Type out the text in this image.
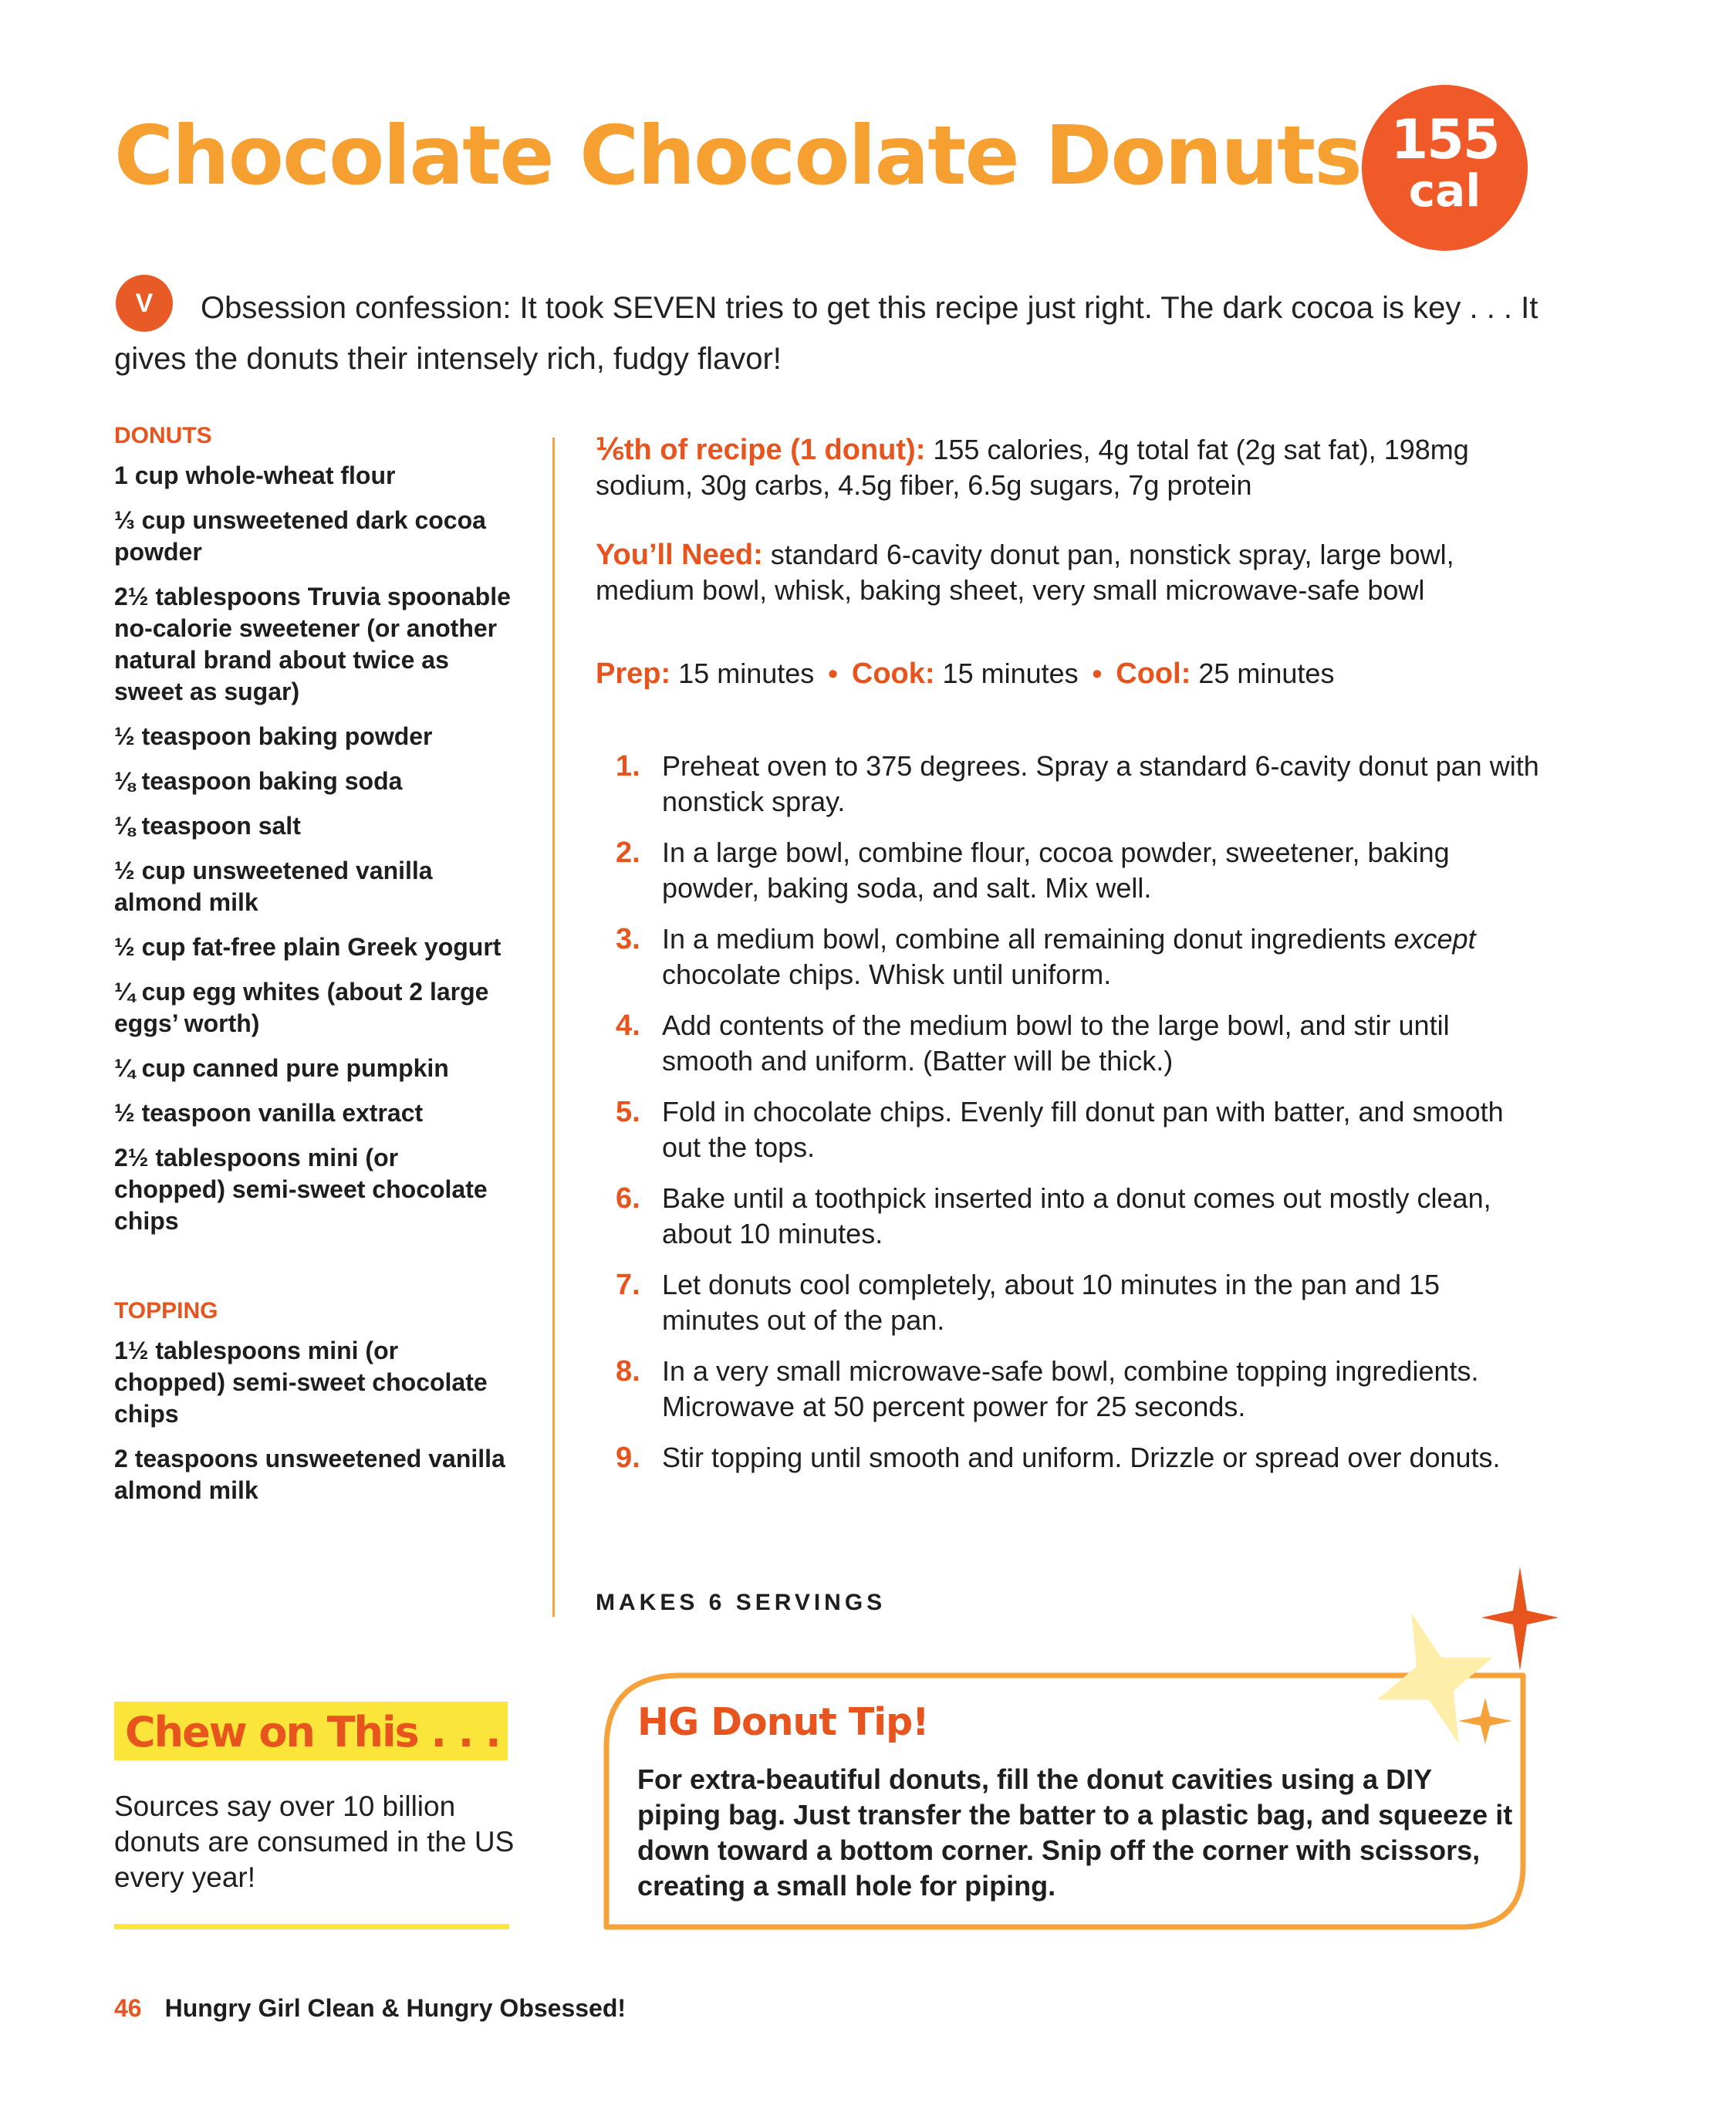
Chocolate Chocolate Donuts 155
cal
V	Obsession confession: It took SEVEN tries to get this recipe just right. The dark cocoa is key . . . It gives the donuts their intensely rich, fudgy flavor!
DONUTS
1 cup whole-wheat flour
⅓ cup unsweetened dark cocoa powder
2½ tablespoons Truvia spoonable no-calorie sweetener (or another natural brand about twice as sweet as sugar)
½ teaspoon baking powder
⅛ teaspoon baking soda
⅛ teaspoon salt
½ cup unsweetened vanilla almond milk
½ cup fat-free plain Greek yogurt
¼ cup egg whites (about 2 large eggs’ worth)
¼ cup canned pure pumpkin
½ teaspoon vanilla extract
2½ tablespoons mini (or chopped) semi-sweet chocolate chips
TOPPING
1½ tablespoons mini (or chopped) semi-sweet chocolate chips
2 teaspoons unsweetened vanilla almond milk
⅙th of recipe (1 donut): 155 calories, 4g total fat (2g sat fat), 198mg sodium, 30g carbs, 4.5g fiber, 6.5g sugars, 7g protein
You’ll Need: standard 6-cavity donut pan, nonstick spray, large bowl, medium bowl, whisk, baking sheet, very small microwave-safe bowl
Prep: 15 minutes • Cook: 15 minutes • Cool: 25 minutes
1. Preheat oven to 375 degrees. Spray a standard 6-cavity donut pan with nonstick spray.
2. In a large bowl, combine flour, cocoa powder, sweetener, baking powder, baking soda, and salt. Mix well.
3. In a medium bowl, combine all remaining donut ingredients except chocolate chips. Whisk until uniform.
4. Add contents of the medium bowl to the large bowl, and stir until smooth and uniform. (Batter will be thick.)
5. Fold in chocolate chips. Evenly fill donut pan with batter, and smooth out the tops.
6. Bake until a toothpick inserted into a donut comes out mostly clean, about 10 minutes.
7. Let donuts cool completely, about 10 minutes in the pan and 15 minutes out of the pan.
8. In a very small microwave-safe bowl, combine topping ingredients. Microwave at 50 percent power for 25 seconds.
9. Stir topping until smooth and uniform. Drizzle or spread over donuts.
MAKES 6 SERVINGS
Chew on This . . .
Sources say over 10 billion donuts are consumed in the US every year!
HG Donut Tip!
For extra-beautiful donuts, fill the donut cavities using a DIY piping bag. Just transfer the batter to a plastic bag, and squeeze it down toward a bottom corner. Snip off the corner with scissors, creating a small hole for piping.
46 Hungry Girl Clean & Hungry Obsessed!
